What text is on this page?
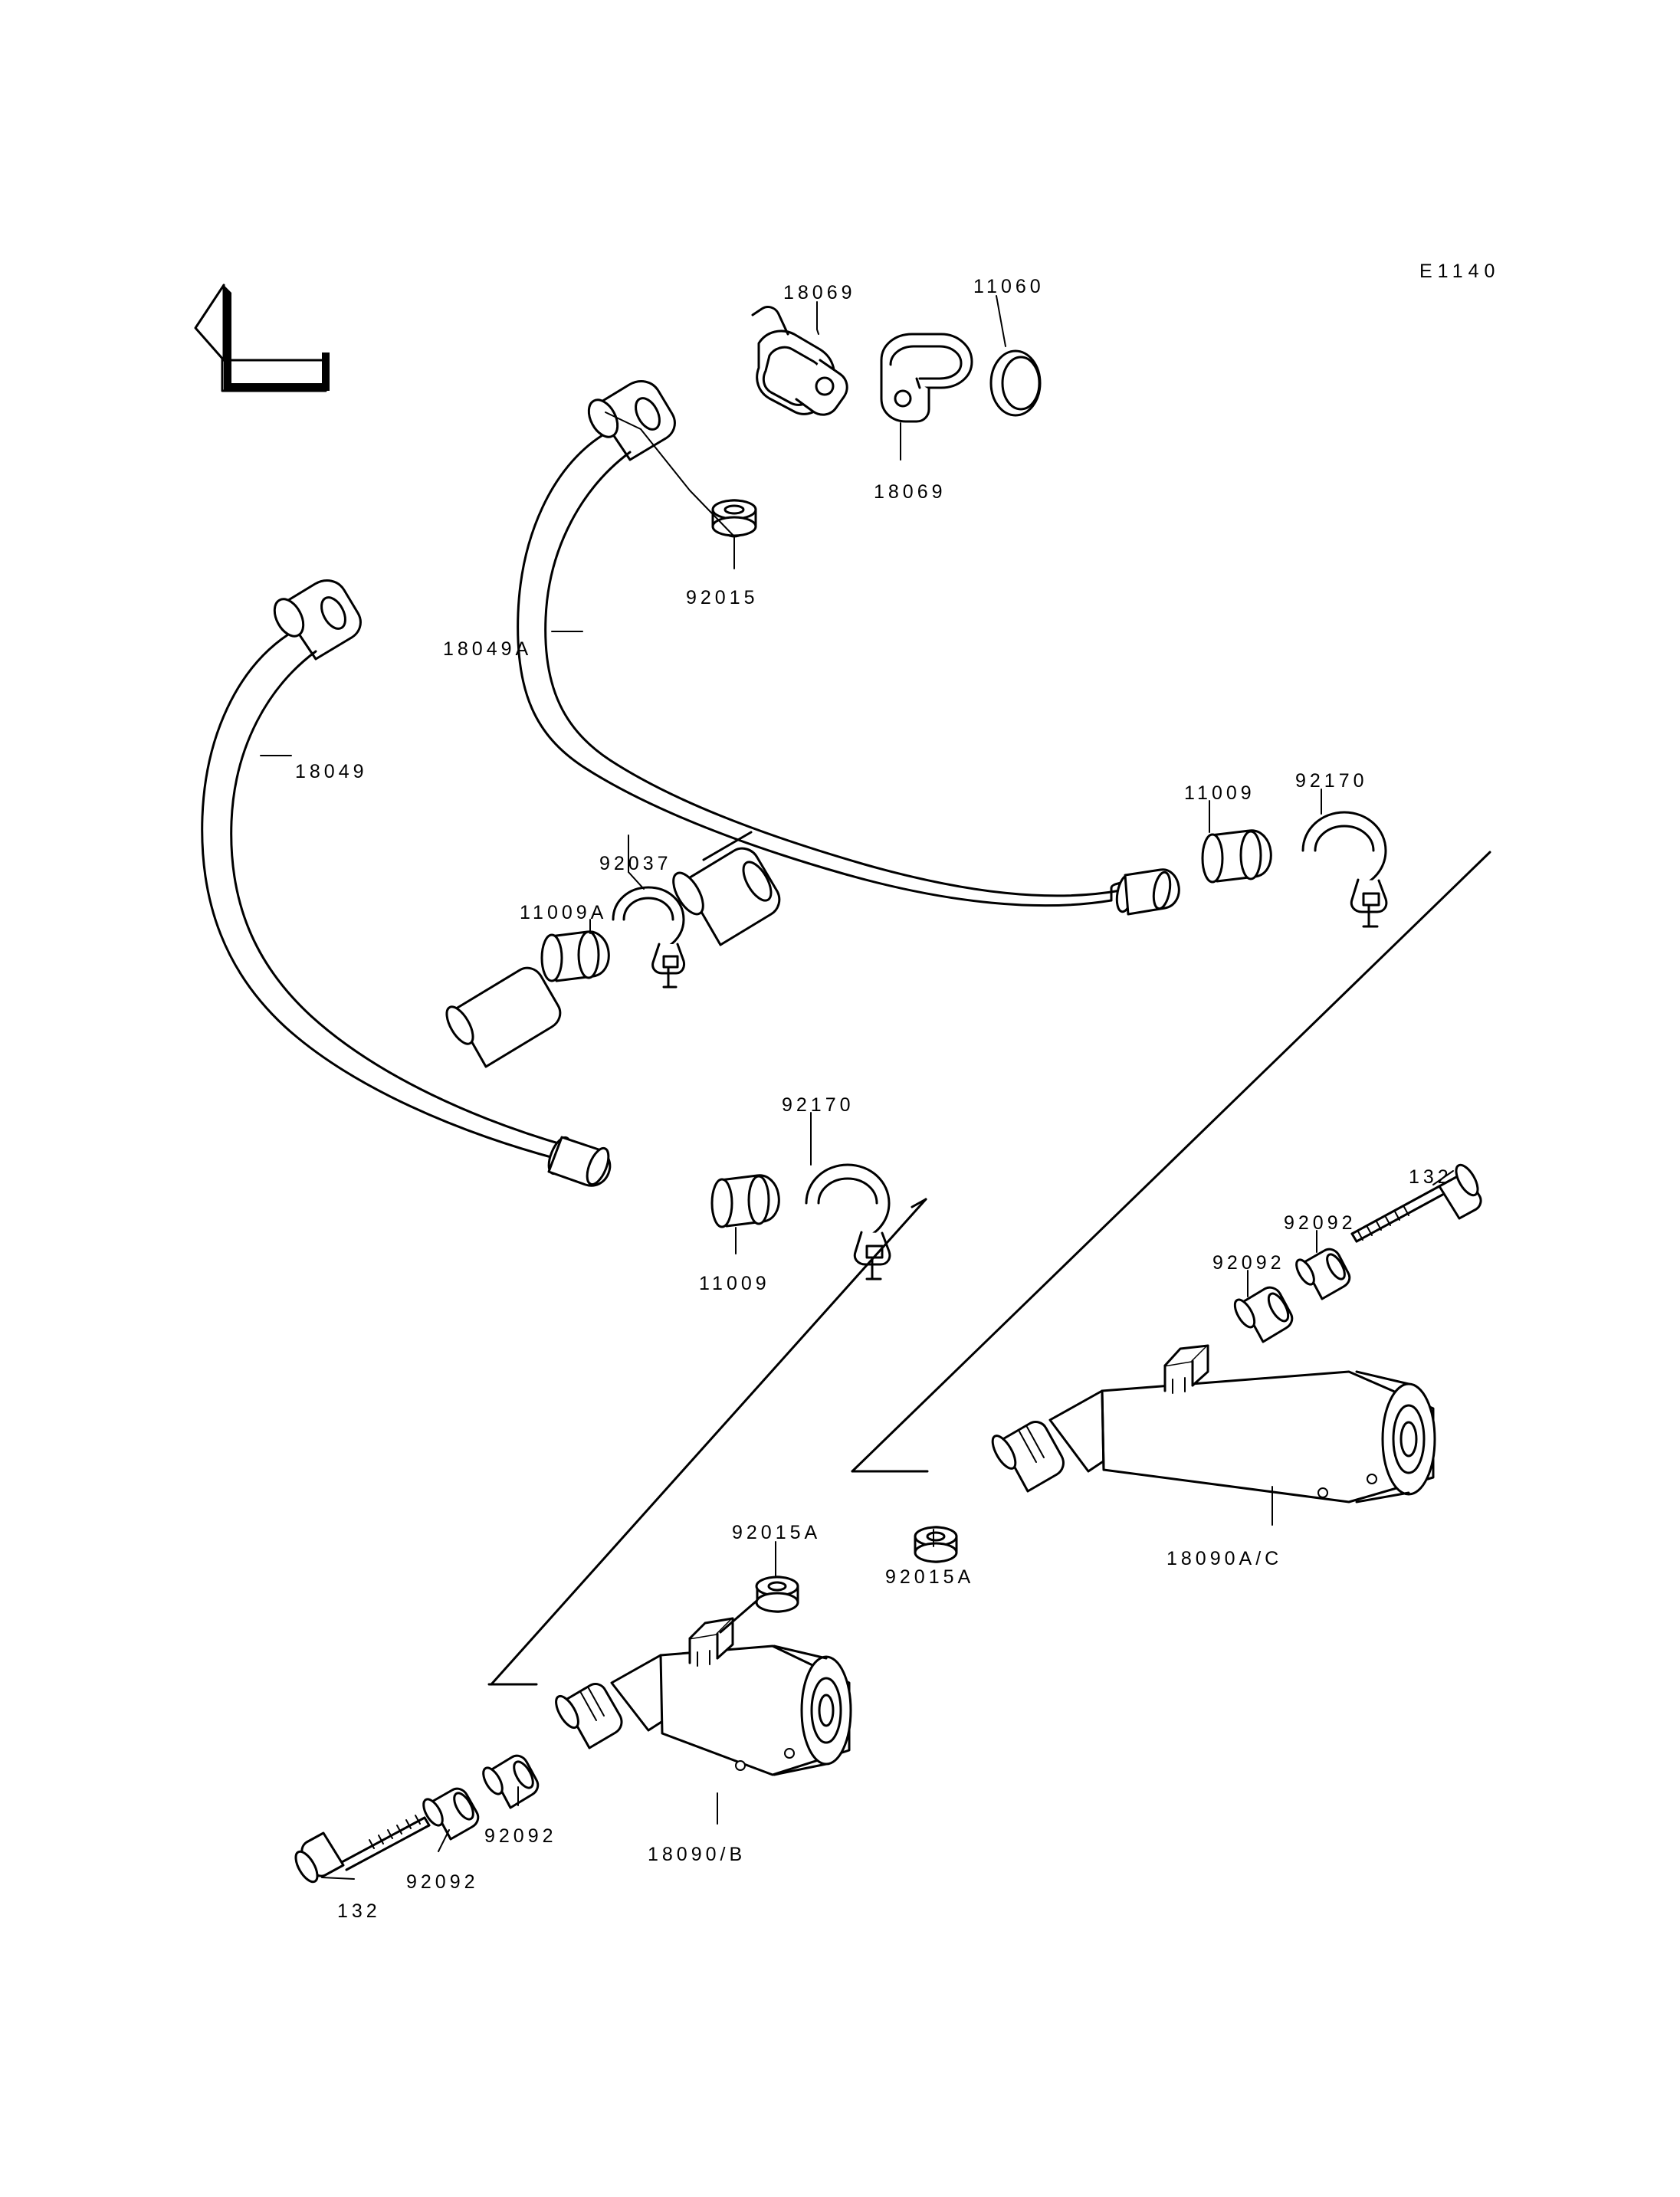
FRONT
E1140
18069	11060
18069
92015
18049A
18049
11009
92170
92037
11009A
92170
11009
132
92092
92092
18090A/C
92015A
92015A
18090/B
92092
92092
132
